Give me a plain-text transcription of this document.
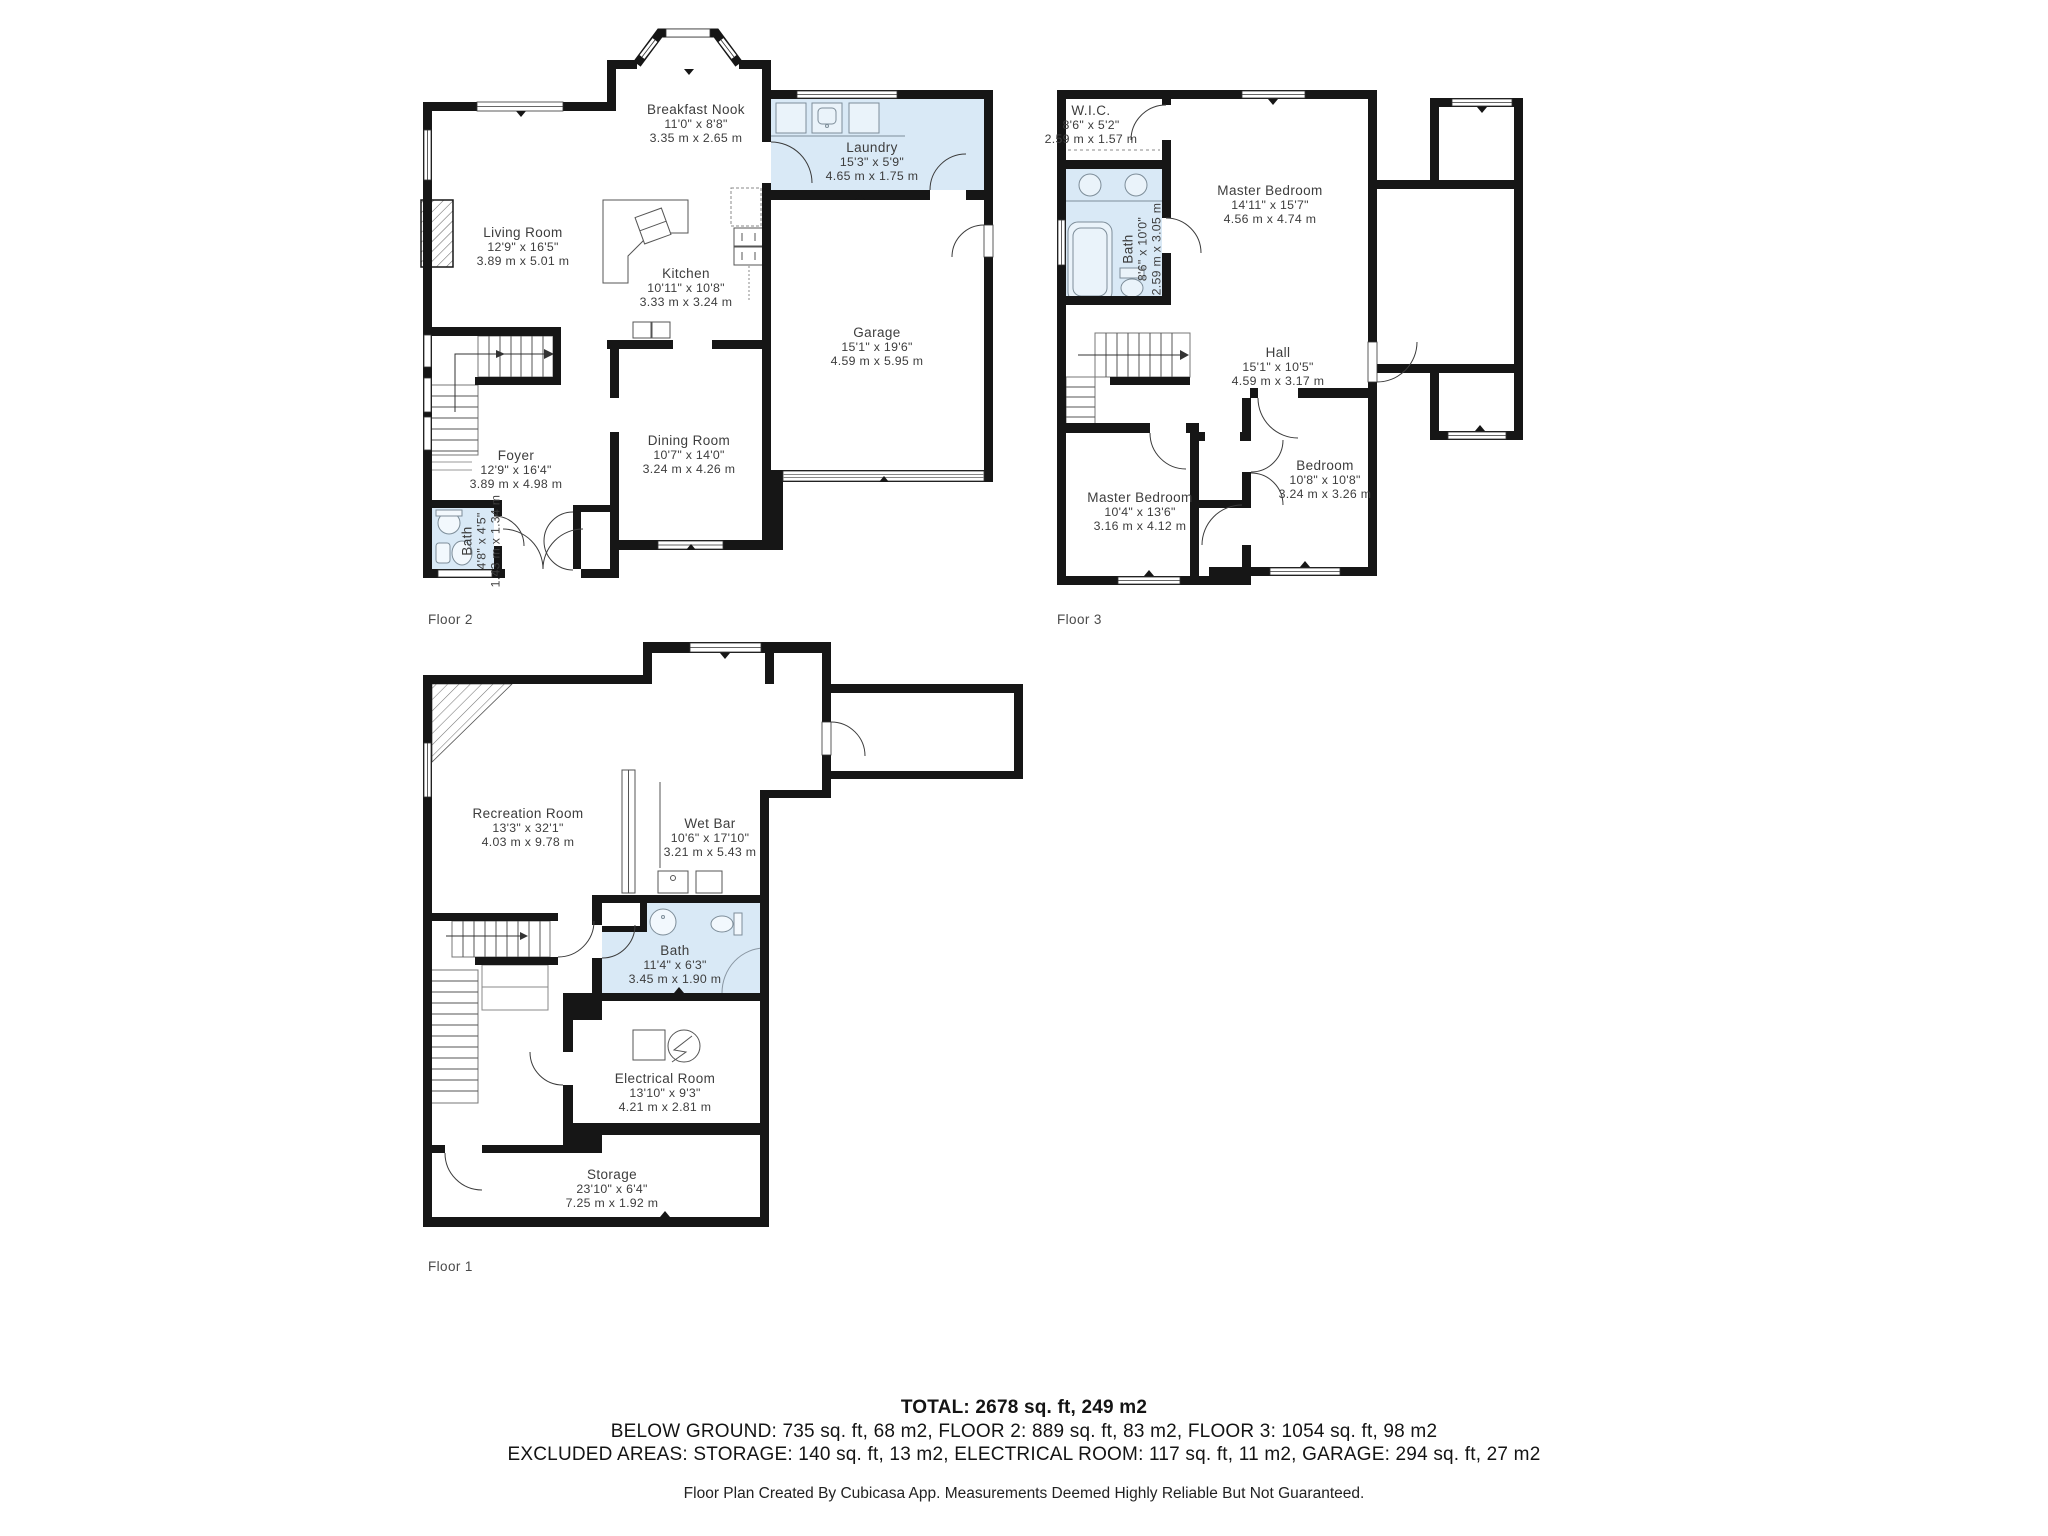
Breakfast Nook
11'0" x 8'8"
3.35 m x 2.65 m
Laundry
15'3" x 5'9"
4.65 m x 1.75 m
Living Room
12'9" x 16'5"
3.89 m x 5.01 m
Kitchen
10'11" x 10'8"
3.33 m x 3.24 m
Garage
15'1" x 19'6"
4.59 m x 5.95 m
Dining Room
10'7" x 14'0"
3.24 m x 4.26 m
Foyer
12'9" x 16'4"
3.89 m x 4.98 m
Bath 4'8" x 4'5" 1.43 m x 1.34 m
W.I.C.
8'6" x 5'2"
2.59 m x 1.57 m
Master Bedroom
14'11" x 15'7"
4.56 m x 4.74 m
Bath 8'6" x 10'0" 2.59 m x 3.05 m
Hall
15'1" x 10'5"
4.59 m x 3.17 m
Master Bedroom
10'4" x 13'6"
3.16 m x 4.12 m
Bedroom
10'8" x 10'8"
3.24 m x 3.26 m
Recreation Room
13'3" x 32'1"
4.03 m x 9.78 m
Wet Bar
10'6" x 17'10"
3.21 m x 5.43 m
Bath
11'4" x 6'3"
3.45 m x 1.90 m
Electrical Room
13'10" x 9'3"
4.21 m x 2.81 m
Storage
23'10" x 6'4"
7.25 m x 1.92 m
Floor 2	Floor 3
Floor 1
TOTAL: 2678 sq. ft, 249 m2
BELOW GROUND: 735 sq. ft, 68 m2, FLOOR 2: 889 sq. ft, 83 m2, FLOOR 3: 1054 sq. ft, 98 m2
EXCLUDED AREAS: STORAGE: 140 sq. ft, 13 m2, ELECTRICAL ROOM: 117 sq. ft, 11 m2, GARAGE: 294 sq. ft, 27 m2
Floor Plan Created By Cubicasa App. Measurements Deemed Highly Reliable But Not Guaranteed.
